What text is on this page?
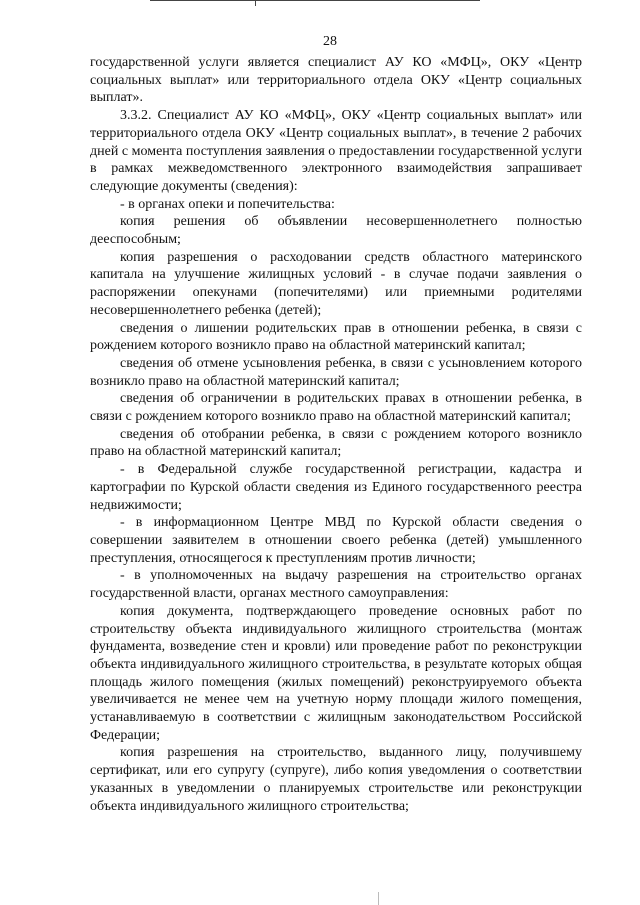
28

государственной услуги является специалист АУ КО «МФЦ», ОКУ «Центр социальных выплат» или территориального отдела ОКУ «Центр социальных выплат».

3.3.2. Специалист АУ КО «МФЦ», ОКУ «Центр социальных выплат» или территориального отдела ОКУ «Центр социальных выплат», в течение 2 рабочих дней с момента поступления заявления о предоставлении государственной услуги в рамках межведомственного электронного взаимодействия запрашивает следующие документы (сведения):

- в органах опеки и попечительства:

копия решения об объявлении несовершеннолетнего полностью дееспособным;

копия разрешения о расходовании средств областного материнского капитала на улучшение жилищных условий - в случае подачи заявления о распоряжении опекунами (попечителями) или приемными родителями несовершеннолетнего ребенка (детей);

сведения о лишении родительских прав в отношении ребенка, в связи с рождением которого возникло право на областной материнский капитал;

сведения об отмене усыновления ребенка, в связи с усыновлением которого возникло право на областной материнский капитал;

сведения об ограничении в родительских правах в отношении ребенка, в связи с рождением которого возникло право на областной материнский капитал;

сведения об отобрании ребенка, в связи с рождением которого возникло право на областной материнский капитал;

- в Федеральной службе государственной регистрации, кадастра и картографии по Курской области сведения из Единого государственного реестра недвижимости;

- в информационном Центре МВД по Курской области сведения о совершении заявителем в отношении своего ребенка (детей) умышленного преступления, относящегося к преступлениям против личности;

- в уполномоченных на выдачу разрешения на строительство органах государственной власти, органах местного самоуправления:

копия документа, подтверждающего проведение основных работ по строительству объекта индивидуального жилищного строительства (монтаж фундамента, возведение стен и кровли) или проведение работ по реконструкции объекта индивидуального жилищного строительства, в результате которых общая площадь жилого помещения (жилых помещений) реконструируемого объекта увеличивается не менее чем на учетную норму площади жилого помещения, устанавливаемую в соответствии с жилищным законодательством Российской Федерации;

копия разрешения на строительство, выданного лицу, получившему сертификат, или его супругу (супруге), либо копия уведомления о соответствии указанных в уведомлении о планируемых строительстве или реконструкции объекта индивидуального жилищного строительства;
